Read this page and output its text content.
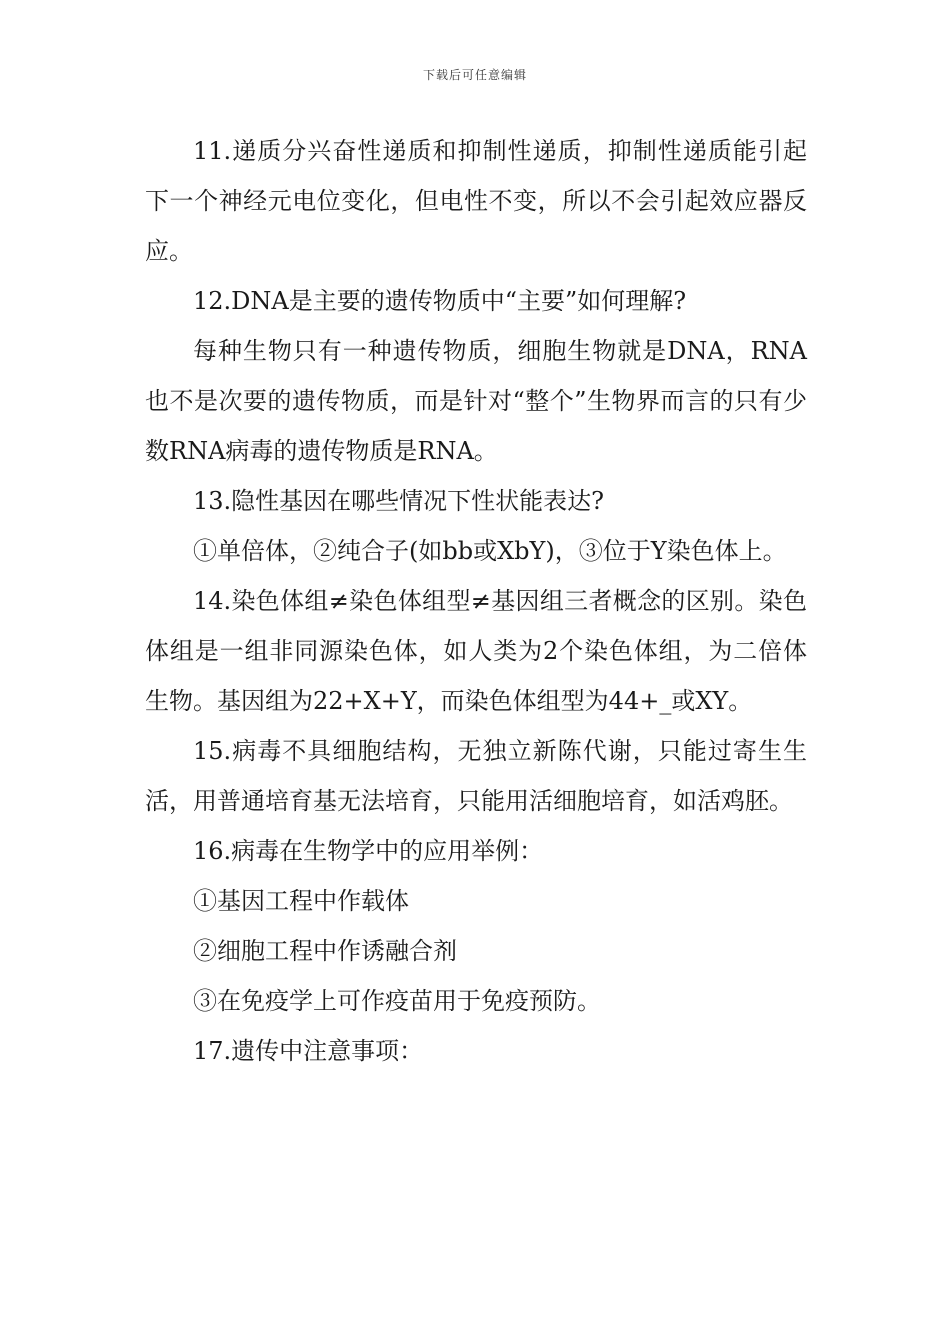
下载后可任意编辑

11.递质分兴奋性递质和抑制性递质，抑制性递质能引起下一个神经元电位变化，但电性不变，所以不会引起效应器反应。

12.DNA是主要的遗传物质中“主要”如何理解?

每种生物只有一种遗传物质，细胞生物就是DNA，RNA也不是次要的遗传物质，而是针对“整个”生物界而言的只有少数RNA病毒的遗传物质是RNA。

13.隐性基因在哪些情况下性状能表达?

①单倍体，②纯合子(如bb或XbY)，③位于Y染色体上。

14.染色体组≠染色体组型≠基因组三者概念的区别。染色体组是一组非同源染色体，如人类为2个染色体组，为二倍体生物。基因组为22+X+Y，而染色体组型为44+_或XY。

15.病毒不具细胞结构，无独立新陈代谢，只能过寄生生活，用普通培育基无法培育，只能用活细胞培育，如活鸡胚。

16.病毒在生物学中的应用举例：

①基因工程中作载体

②细胞工程中作诱融合剂

③在免疫学上可作疫苗用于免疫预防。

17.遗传中注意事项：
